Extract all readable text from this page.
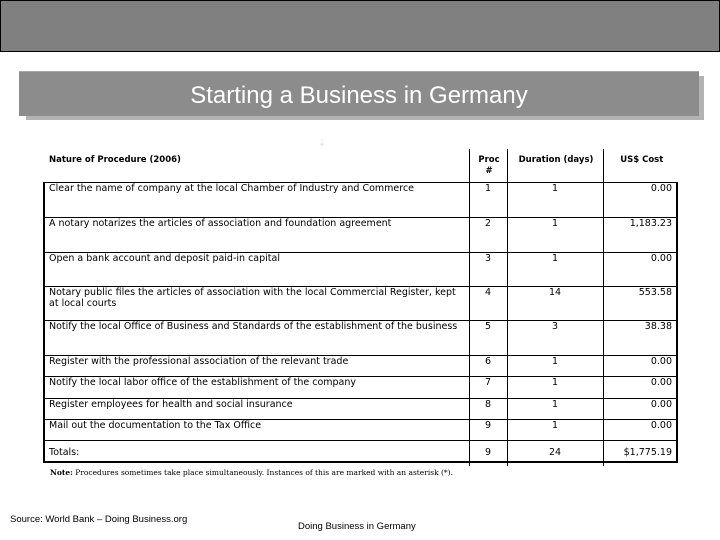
Starting a Business in Germany
⇣
Nature of Procedure (2006)	Proc #	Duration (days)	US$ Cost

Clear the name of company at the local Chamber of Industry and Commerce	1	1	0.00

A notary notarizes the articles of association and foundation agreement	2	1	1,183.23

Open a bank account and deposit paid-in capital	3	1	0.00

Notary public files the articles of association with the local Commercial Register, kept at local courts	4	14	553.58

Notify the local Office of Business and Standards of the establishment of the business	5	3	38.38

Register with the professional association of the relevant trade	6	1	0.00

Notify the local labor office of the establishment of the company	7	1	0.00

Register employees for health and social insurance	8	1	0.00

Mail out the documentation to the Tax Office	9	1	0.00

Totals:	9	24	$1,775.19
Note: Procedures sometimes take place simultaneously. Instances of this are marked with an asterisk (*).
Source: World Bank – Doing Business.org
Doing Business in Germany
